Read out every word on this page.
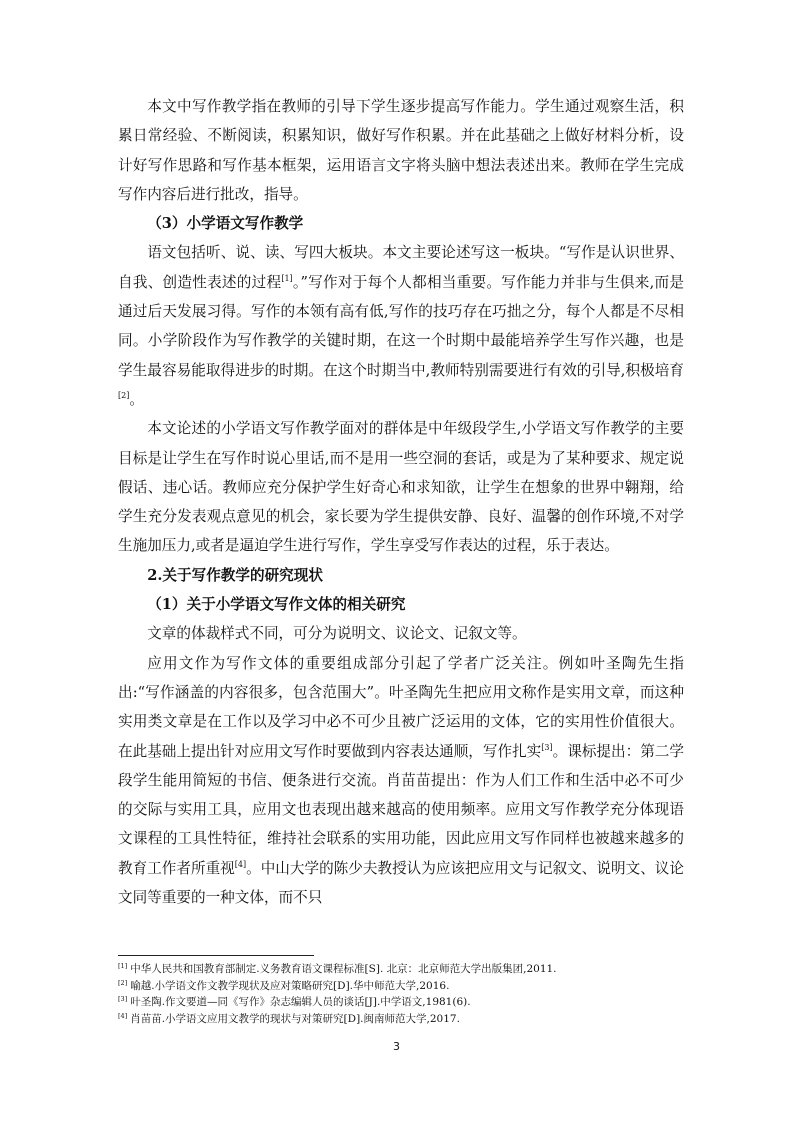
本文中写作教学指在教师的引导下学生逐步提高写作能力。学生通过观察生活，积累日常经验、不断阅读，积累知识，做好写作积累。并在此基础之上做好材料分析，设计好写作思路和写作基本框架，运用语言文字将头脑中想法表述出来。教师在学生完成写作内容后进行批改，指导。

（3）小学语文写作教学

语文包括听、说、读、写四大板块。本文主要论述写这一板块。“写作是认识世界、自我、创造性表述的过程[1]。”写作对于每个人都相当重要。写作能力并非与生俱来,而是通过后天发展习得。写作的本领有高有低,写作的技巧存在巧拙之分，每个人都是不尽相同。小学阶段作为写作教学的关键时期，在这一个时期中最能培养学生写作兴趣，也是学生最容易能取得进步的时期。在这个时期当中,教师特别需要进行有效的引导,积极培育[2]。

本文论述的小学语文写作教学面对的群体是中年级段学生,小学语文写作教学的主要目标是让学生在写作时说心里话,而不是用一些空洞的套话，或是为了某种要求、规定说假话、违心话。教师应充分保护学生好奇心和求知欲，让学生在想象的世界中翱翔，给学生充分发表观点意见的机会，家长要为学生提供安静、良好、温馨的创作环境,不对学生施加压力,或者是逼迫学生进行写作，学生享受写作表达的过程，乐于表达。

2.关于写作教学的研究现状

（1）关于小学语文写作文体的相关研究

文章的体裁样式不同，可分为说明文、议论文、记叙文等。

应用文作为写作文体的重要组成部分引起了学者广泛关注。例如叶圣陶先生指出:“写作涵盖的内容很多，包含范围大”。叶圣陶先生把应用文称作是实用文章，而这种实用类文章是在工作以及学习中必不可少且被广泛运用的文体，它的实用性价值很大。在此基础上提出针对应用文写作时要做到内容表达通顺，写作扎实[3]。课标提出：第二学段学生能用简短的书信、便条进行交流。肖苗苗提出：作为人们工作和生活中必不可少的交际与实用工具，应用文也表现出越来越高的使用频率。应用文写作教学充分体现语文课程的工具性特征，维持社会联系的实用功能，因此应用文写作同样也被越来越多的教育工作者所重视[4]。中山大学的陈少夫教授认为应该把应用文与记叙文、说明文、议论文同等重要的一种文体，而不只

[1] 中华人民共和国教育部制定.义务教育语文课程标准[S]. 北京：北京师范大学出版集团,2011.

[2] 喻越.小学语文作文教学现状及应对策略研究[D].华中师范大学,2016.

[3] 叶圣陶.作文要道—同《写作》杂志编辑人员的谈话[J].中学语文,1981(6).

[4] 肖苗苗.小学语文应用文教学的现状与对策研究[D].闽南师范大学,2017.

3
